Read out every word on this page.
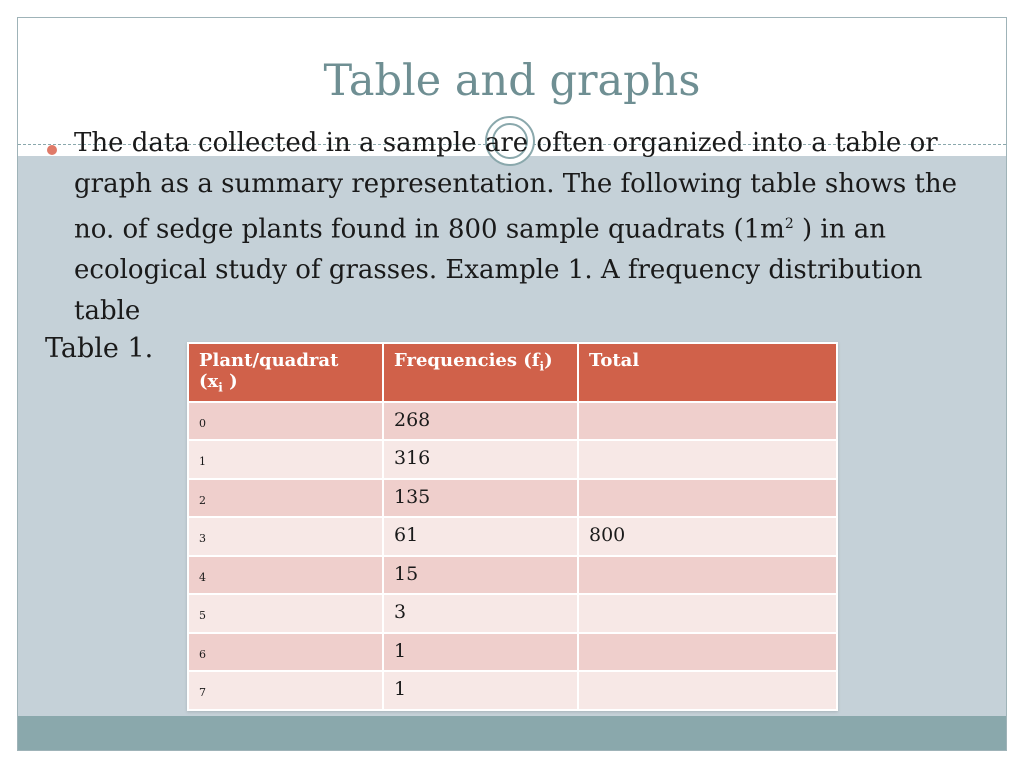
Table and graphs
The data collected in a sample are often organized into a table or graph as a summary representation. The following table shows the no. of sedge plants found in 800 sample quadrats ($1m^2$ ) in an ecological study of grasses. Example 1. A frequency distribution table
Table 1.	Plant/quadrat
($x_i$ )	Frequencies $(f_i)$	Total
0	268	
1	316	
2	135	
3	61	800
4	15	
5	3	
6	1	
7	1	
